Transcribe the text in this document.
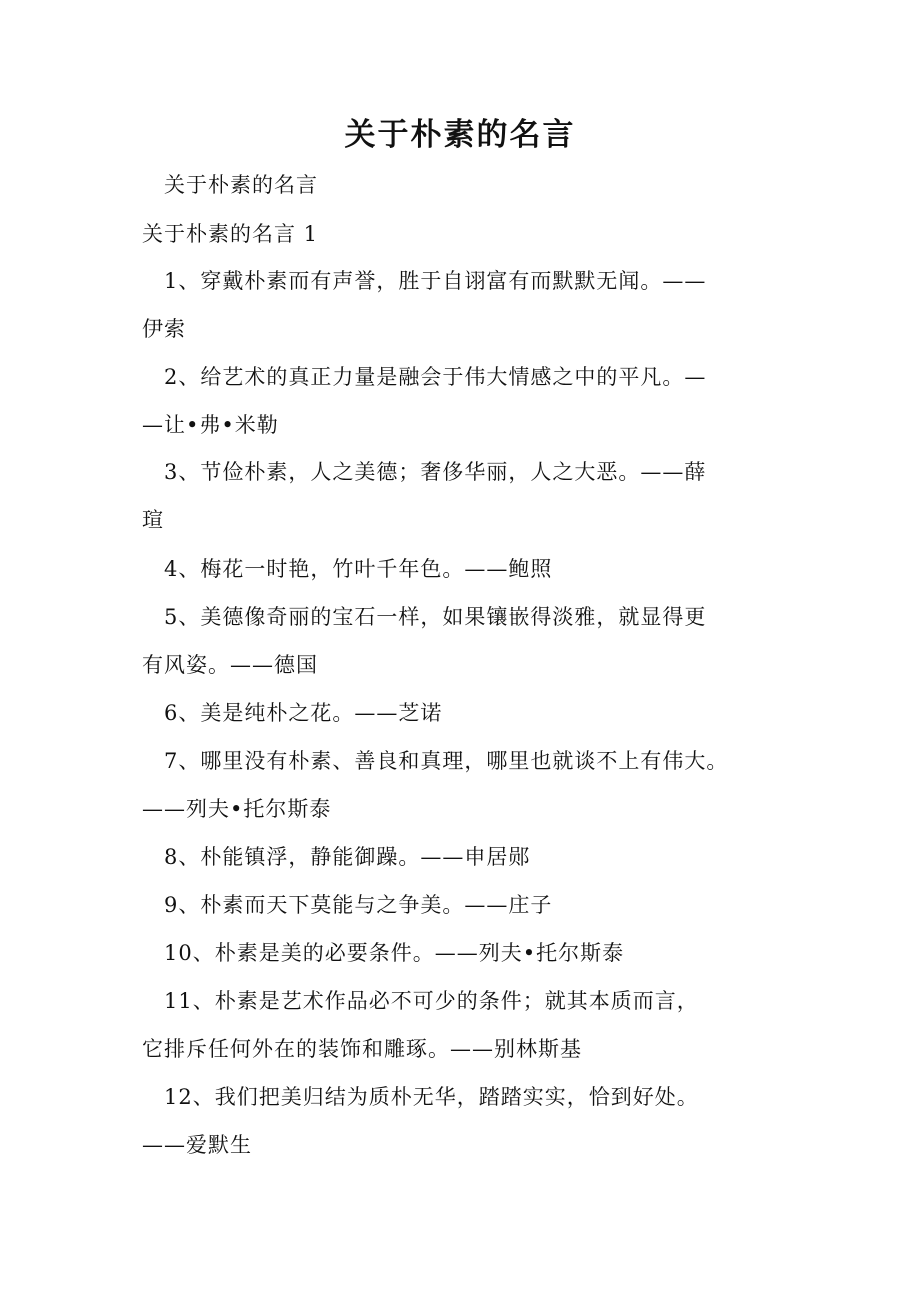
关于朴素的名言
关于朴素的名言
关于朴素的名言 1
1、穿戴朴素而有声誉，胜于自诩富有而默默无闻。——
伊索
2、给艺术的真正力量是融会于伟大情感之中的平凡。—
—让•弗•米勒
3、节俭朴素，人之美德；奢侈华丽，人之大恶。——薛
瑄
4、梅花一时艳，竹叶千年色。——鲍照
5、美德像奇丽的宝石一样，如果镶嵌得淡雅，就显得更
有风姿。——德国
6、美是纯朴之花。——芝诺
7、哪里没有朴素、善良和真理，哪里也就谈不上有伟大。
——列夫•托尔斯泰
8、朴能镇浮，静能御躁。——申居郧
9、朴素而天下莫能与之争美。——庄子
10、朴素是美的必要条件。——列夫•托尔斯泰
11、朴素是艺术作品必不可少的条件；就其本质而言，
它排斥任何外在的装饰和雕琢。——别林斯基
12、我们把美归结为质朴无华，踏踏实实，恰到好处。
——爱默生
